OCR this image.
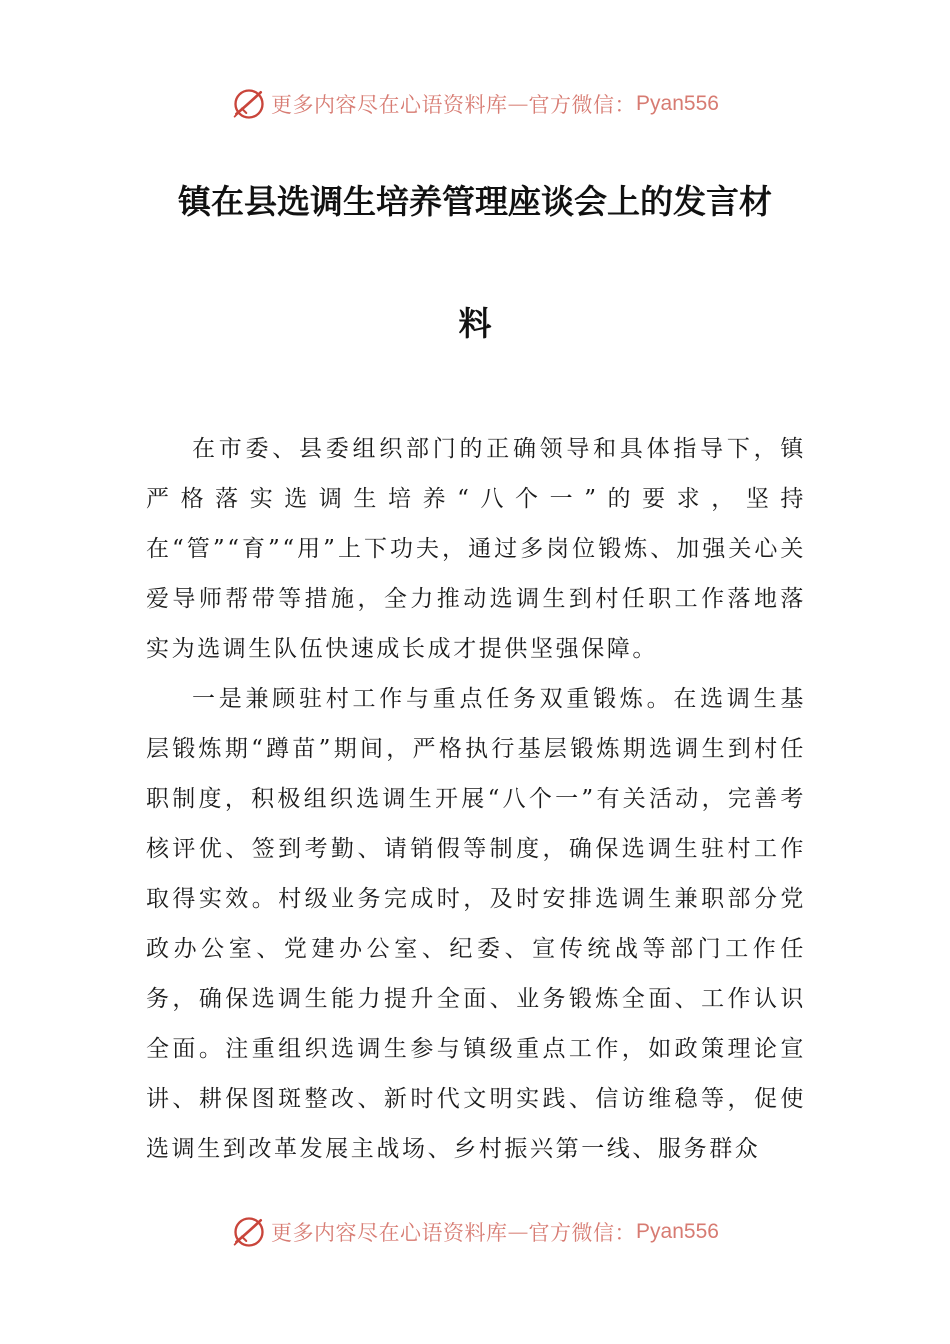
更多内容尽在心语资料库 — 官方微信： Pyan556
镇在县选调生培养管理座谈会上的发言材
料

在市委、县委组织部门的正确领导和具体指导下，镇严格落实选调生培养“八个一”的要求，坚持在“管”“育”“用”上下功夫，通过多岗位锻炼、加强关心关爱导师帮带等措施，全力推动选调生到村任职工作落地落实为选调生队伍快速成长成才提供坚强保障。

一是兼顾驻村工作与重点任务双重锻炼。在选调生基层锻炼期“蹲苗”期间，严格执行基层锻炼期选调生到村任职制度，积极组织选调生开展“八个一”有关活动，完善考核评优、签到考勤、请销假等制度，确保选调生驻村工作取得实效。村级业务完成时，及时安排选调生兼职部分党政办公室、党建办公室、纪委、宣传统战等部门工作任务，确保选调生能力提升全面、业务锻炼全面、工作认识全面。注重组织选调生参与镇级重点工作，如政策理论宣讲、耕保图斑整改、新时代文明实践、信访维稳等，促使选调生到改革发展主战场、乡村振兴第一线、服务群众

更多内容尽在心语资料库 — 官方微信： Pyan556
